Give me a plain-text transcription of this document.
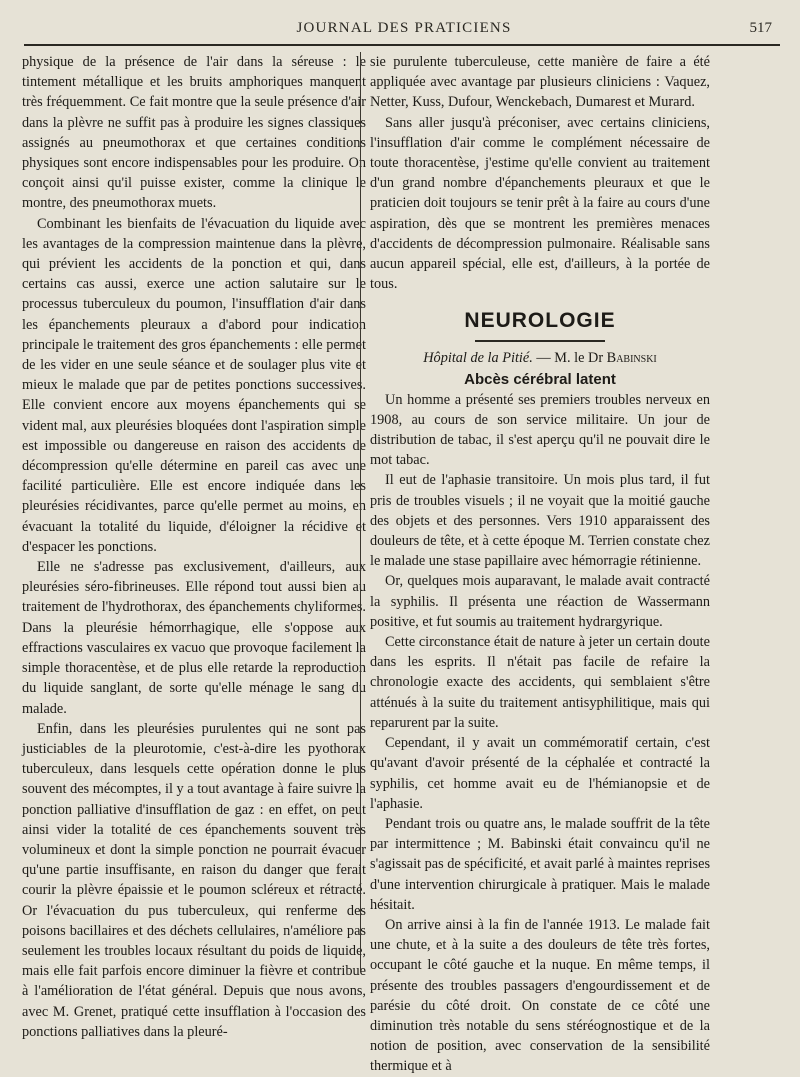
JOURNAL DES PRATICIENS	517

physique de la présence de l'air dans la séreuse : le tintement métallique et les bruits amphoriques manquent très fréquemment. Ce fait montre que la seule présence d'air dans la plèvre ne suffit pas à produire les signes classiques assignés au pneumothorax et que certaines conditions physiques sont encore indispensables pour les produire. On conçoit ainsi qu'il puisse exister, comme la clinique le montre, des pneumothorax muets.

Combinant les bienfaits de l'évacuation du liquide avec les avantages de la compression maintenue dans la plèvre, qui prévient les accidents de la ponction et qui, dans certains cas aussi, exerce une action salutaire sur le processus tuberculeux du poumon, l'insufflation d'air dans les épanchements pleuraux a d'abord pour indication principale le traitement des gros épanchements : elle permet de les vider en une seule séance et de soulager plus vite et mieux le malade que par de petites ponctions successives. Elle convient encore aux moyens épanchements qui se vident mal, aux pleurésies bloquées dont l'aspiration simple est impossible ou dangereuse en raison des accidents de décompression qu'elle détermine en pareil cas avec une facilité particulière. Elle est encore indiquée dans les pleurésies récidivantes, parce qu'elle permet au moins, en évacuant la totalité du liquide, d'éloigner la récidive et d'espacer les ponctions.

Elle ne s'adresse pas exclusivement, d'ailleurs, aux pleurésies séro-fibrineuses. Elle répond tout aussi bien au traitement de l'hydrothorax, des épanchements chyliformes. Dans la pleurésie hémorrhagique, elle s'oppose aux effractions vasculaires ex vacuo que provoque facilement la simple thoracentèse, et de plus elle retarde la reproduction du liquide sanglant, de sorte qu'elle ménage le sang du malade.

Enfin, dans les pleurésies purulentes qui ne sont pas justiciables de la pleurotomie, c'est-à-dire les pyothorax tuberculeux, dans lesquels cette opération donne le plus souvent des mécomptes, il y a tout avantage à faire suivre la ponction palliative d'insufflation de gaz : en effet, on peut ainsi vider la totalité de ces épanchements souvent très volumineux et dont la simple ponction ne pourrait évacuer qu'une partie insuffisante, en raison du danger que ferait courir la plèvre épaissie et le poumon scléreux et rétracté. Or l'évacuation du pus tuberculeux, qui renferme des poisons bacillaires et des déchets cellulaires, n'améliore pas seulement les troubles locaux résultant du poids de liquide, mais elle fait parfois encore diminuer la fièvre et contribue à l'amélioration de l'état général. Depuis que nous avons, avec M. Grenet, pratiqué cette insufflation à l'occasion des ponctions palliatives dans la pleuré-

sie purulente tuberculeuse, cette manière de faire a été appliquée avec avantage par plusieurs cliniciens : Vaquez, Netter, Kuss, Dufour, Wenckebach, Dumarest et Murard.

Sans aller jusqu'à préconiser, avec certains cliniciens, l'insufflation d'air comme le complément nécessaire de toute thoracentèse, j'estime qu'elle convient au traitement d'un grand nombre d'épanchements pleuraux et que le praticien doit toujours se tenir prêt à la faire au cours d'une aspiration, dès que se montrent les premières menaces d'accidents de décompression pulmonaire. Réalisable sans aucun appareil spécial, elle est, d'ailleurs, à la portée de tous.

NEUROLOGIE
Hôpital de la Pitié. — M. le Dr Babinski
Abcès cérébral latent

Un homme a présenté ses premiers troubles nerveux en 1908, au cours de son service militaire. Un jour de distribution de tabac, il s'est aperçu qu'il ne pouvait dire le mot tabac.

Il eut de l'aphasie transitoire. Un mois plus tard, il fut pris de troubles visuels ; il ne voyait que la moitié gauche des objets et des personnes. Vers 1910 apparaissent des douleurs de tête, et à cette époque M. Terrien constate chez le malade une stase papillaire avec hémorragie rétinienne.

Or, quelques mois auparavant, le malade avait contracté la syphilis. Il présenta une réaction de Wassermann positive, et fut soumis au traitement hydrargyrique.

Cette circonstance était de nature à jeter un certain doute dans les esprits. Il n'était pas facile de refaire la chronologie exacte des accidents, qui semblaient s'être atténués à la suite du traitement antisyphilitique, mais qui reparurent par la suite.

Cependant, il y avait un commémoratif certain, c'est qu'avant d'avoir présenté de la céphalée et contracté la syphilis, cet homme avait eu de l'hémianopsie et de l'aphasie.

Pendant trois ou quatre ans, le malade souffrit de la tête par intermittence ; M. Babinski était convaincu qu'il ne s'agissait pas de spécificité, et avait parlé à maintes reprises d'une intervention chirurgicale à pratiquer. Mais le malade hésitait.

On arrive ainsi à la fin de l'année 1913. Le malade fait une chute, et à la suite a des douleurs de tête très fortes, occupant le côté gauche et la nuque. En même temps, il présente des troubles passagers d'engourdissement et de parésie du côté droit. On constate de ce côté une diminution très notable du sens stéréognostique et de la notion de position, avec conservation de la sensibilité thermique et à
